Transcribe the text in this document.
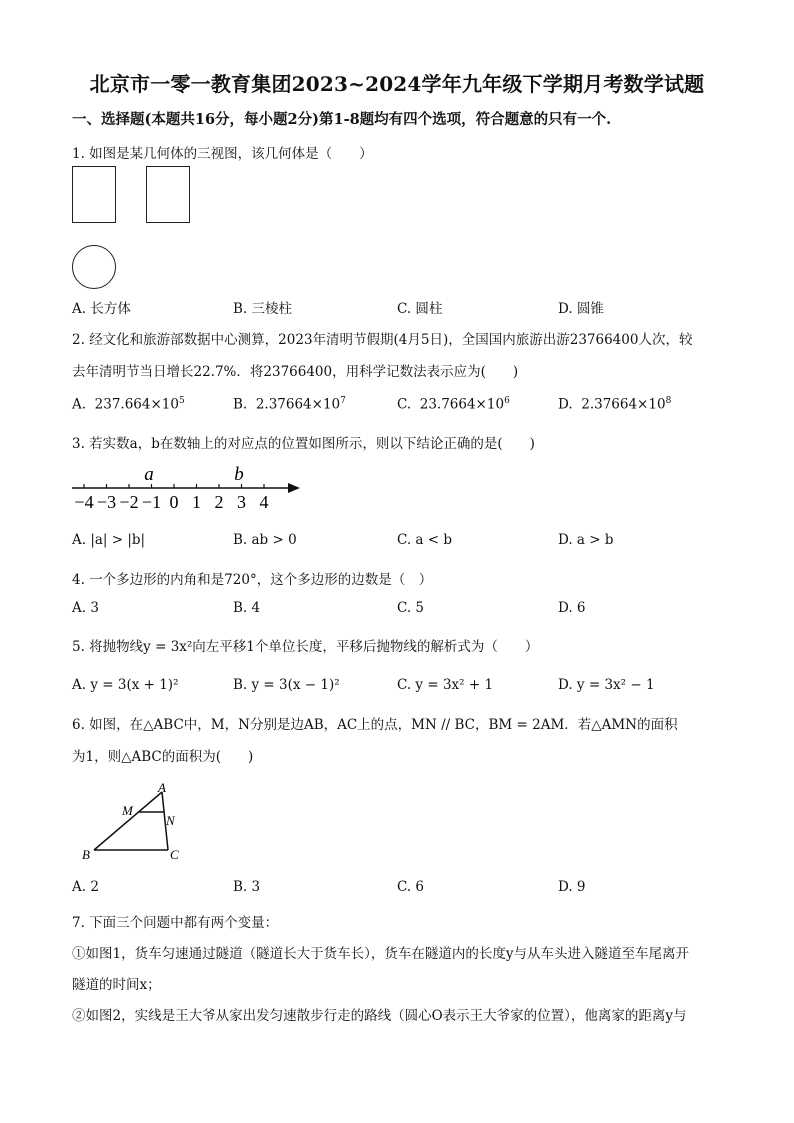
北京市一零一教育集团2023~2024学年九年级下学期月考数学试题
一、选择题(本题共16分，每小题2分)第1-8题均有四个选项，符合题意的只有一个.
1. 如图是某几何体的三视图，该几何体是（　　）
A. 长方体	B. 三棱柱	C. 圆柱	D. 圆锥
2. 经文化和旅游部数据中心测算，2023年清明节假期(4月5日)，全国国内旅游出游23766400人次，较
去年清明节当日增长22.7%．将23766400，用科学记数法表示应为(　　)
A. $237.664\times 10^5$	B. $2.37664\times 10^7$	C. $23.7664\times 10^6$	D. $2.37664\times 10^8$
3. 若实数a，b在数轴上的对应点的位置如图所示，则以下结论正确的是(　　)
−4 −3 −2 −1 0 1 2 3 4
a	b
A. |a| > |b|	B. ab > 0	C. a < b	D. a > b
4. 一个多边形的内角和是720°，这个多边形的边数是（　）
A. 3	B. 4	C. 5	D. 6
5. 将抛物线y = 3x²向左平移1个单位长度，平移后抛物线的解析式为（　　）
A. y = 3(x + 1)²	B. y = 3(x − 1)²	C. y = 3x² + 1	D. y = 3x² − 1
6. 如图，在△ABC中，M，N分别是边AB，AC上的点，MN // BC，BM = 2AM．若△AMN的面积
为1，则△ABC的面积为(　　)
A
M
N
B	C
A. 2	B. 3	C. 6	D. 9
7. 下面三个问题中都有两个变量：
①如图1，货车匀速通过隧道（隧道长大于货车长），货车在隧道内的长度y与从车头进入隧道至车尾离开
隧道的时间x；
②如图2，实线是王大爷从家出发匀速散步行走的路线（圆心O表示王大爷家的位置），他离家的距离y与
